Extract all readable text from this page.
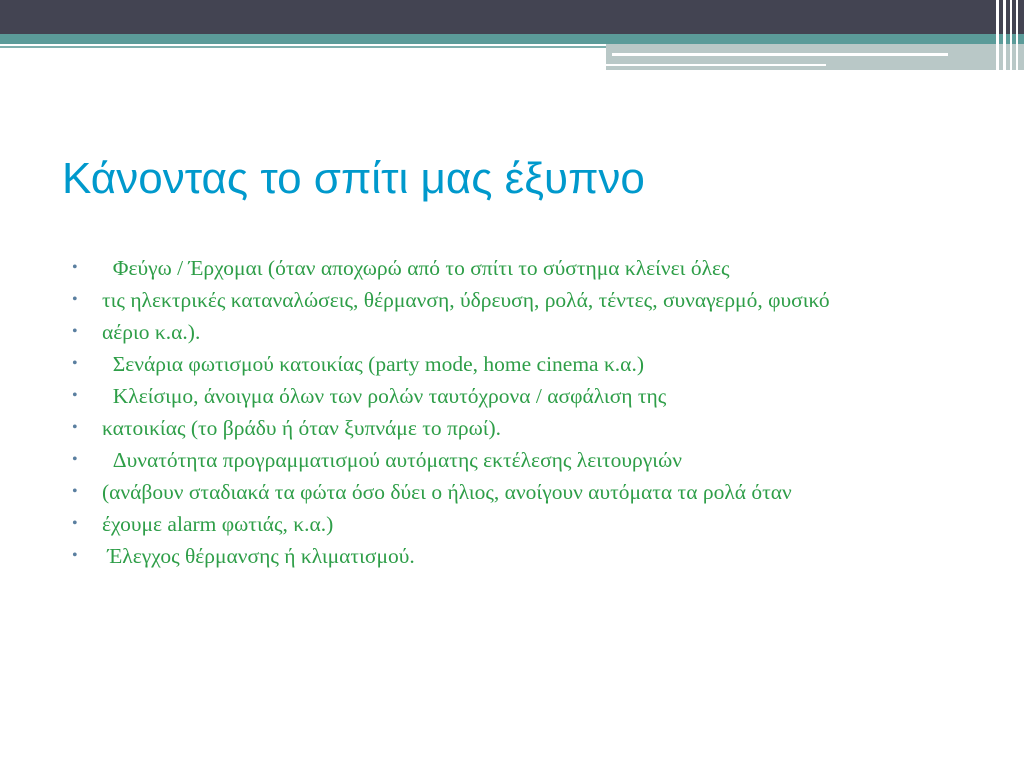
Κάνοντας το σπίτι μας έξυπνο
• Φεύγω / Έρχομαι (όταν αποχωρώ από το σπίτι το σύστημα κλείνει όλες
• τις ηλεκτρικές καταναλώσεις, θέρμανση, ύδρευση, ρολά, τέντες, συναγερμό, φυσικό
• αέριο κ.α.).
• Σενάρια φωτισμού κατοικίας (party mode, home cinema κ.α.)
• Κλείσιμο, άνοιγμα όλων των ρολών ταυτόχρονα / ασφάλιση της
• κατοικίας (το βράδυ ή όταν ξυπνάμε το πρωί).
• Δυνατότητα προγραμματισμού αυτόματης εκτέλεσης λειτουργιών
• (ανάβουν σταδιακά τα φώτα όσο δύει ο ήλιος, ανοίγουν αυτόματα τα ρολά όταν
• έχουμε alarm φωτιάς, κ.α.)
• Έλεγχος θέρμανσης ή κλιματισμού.
